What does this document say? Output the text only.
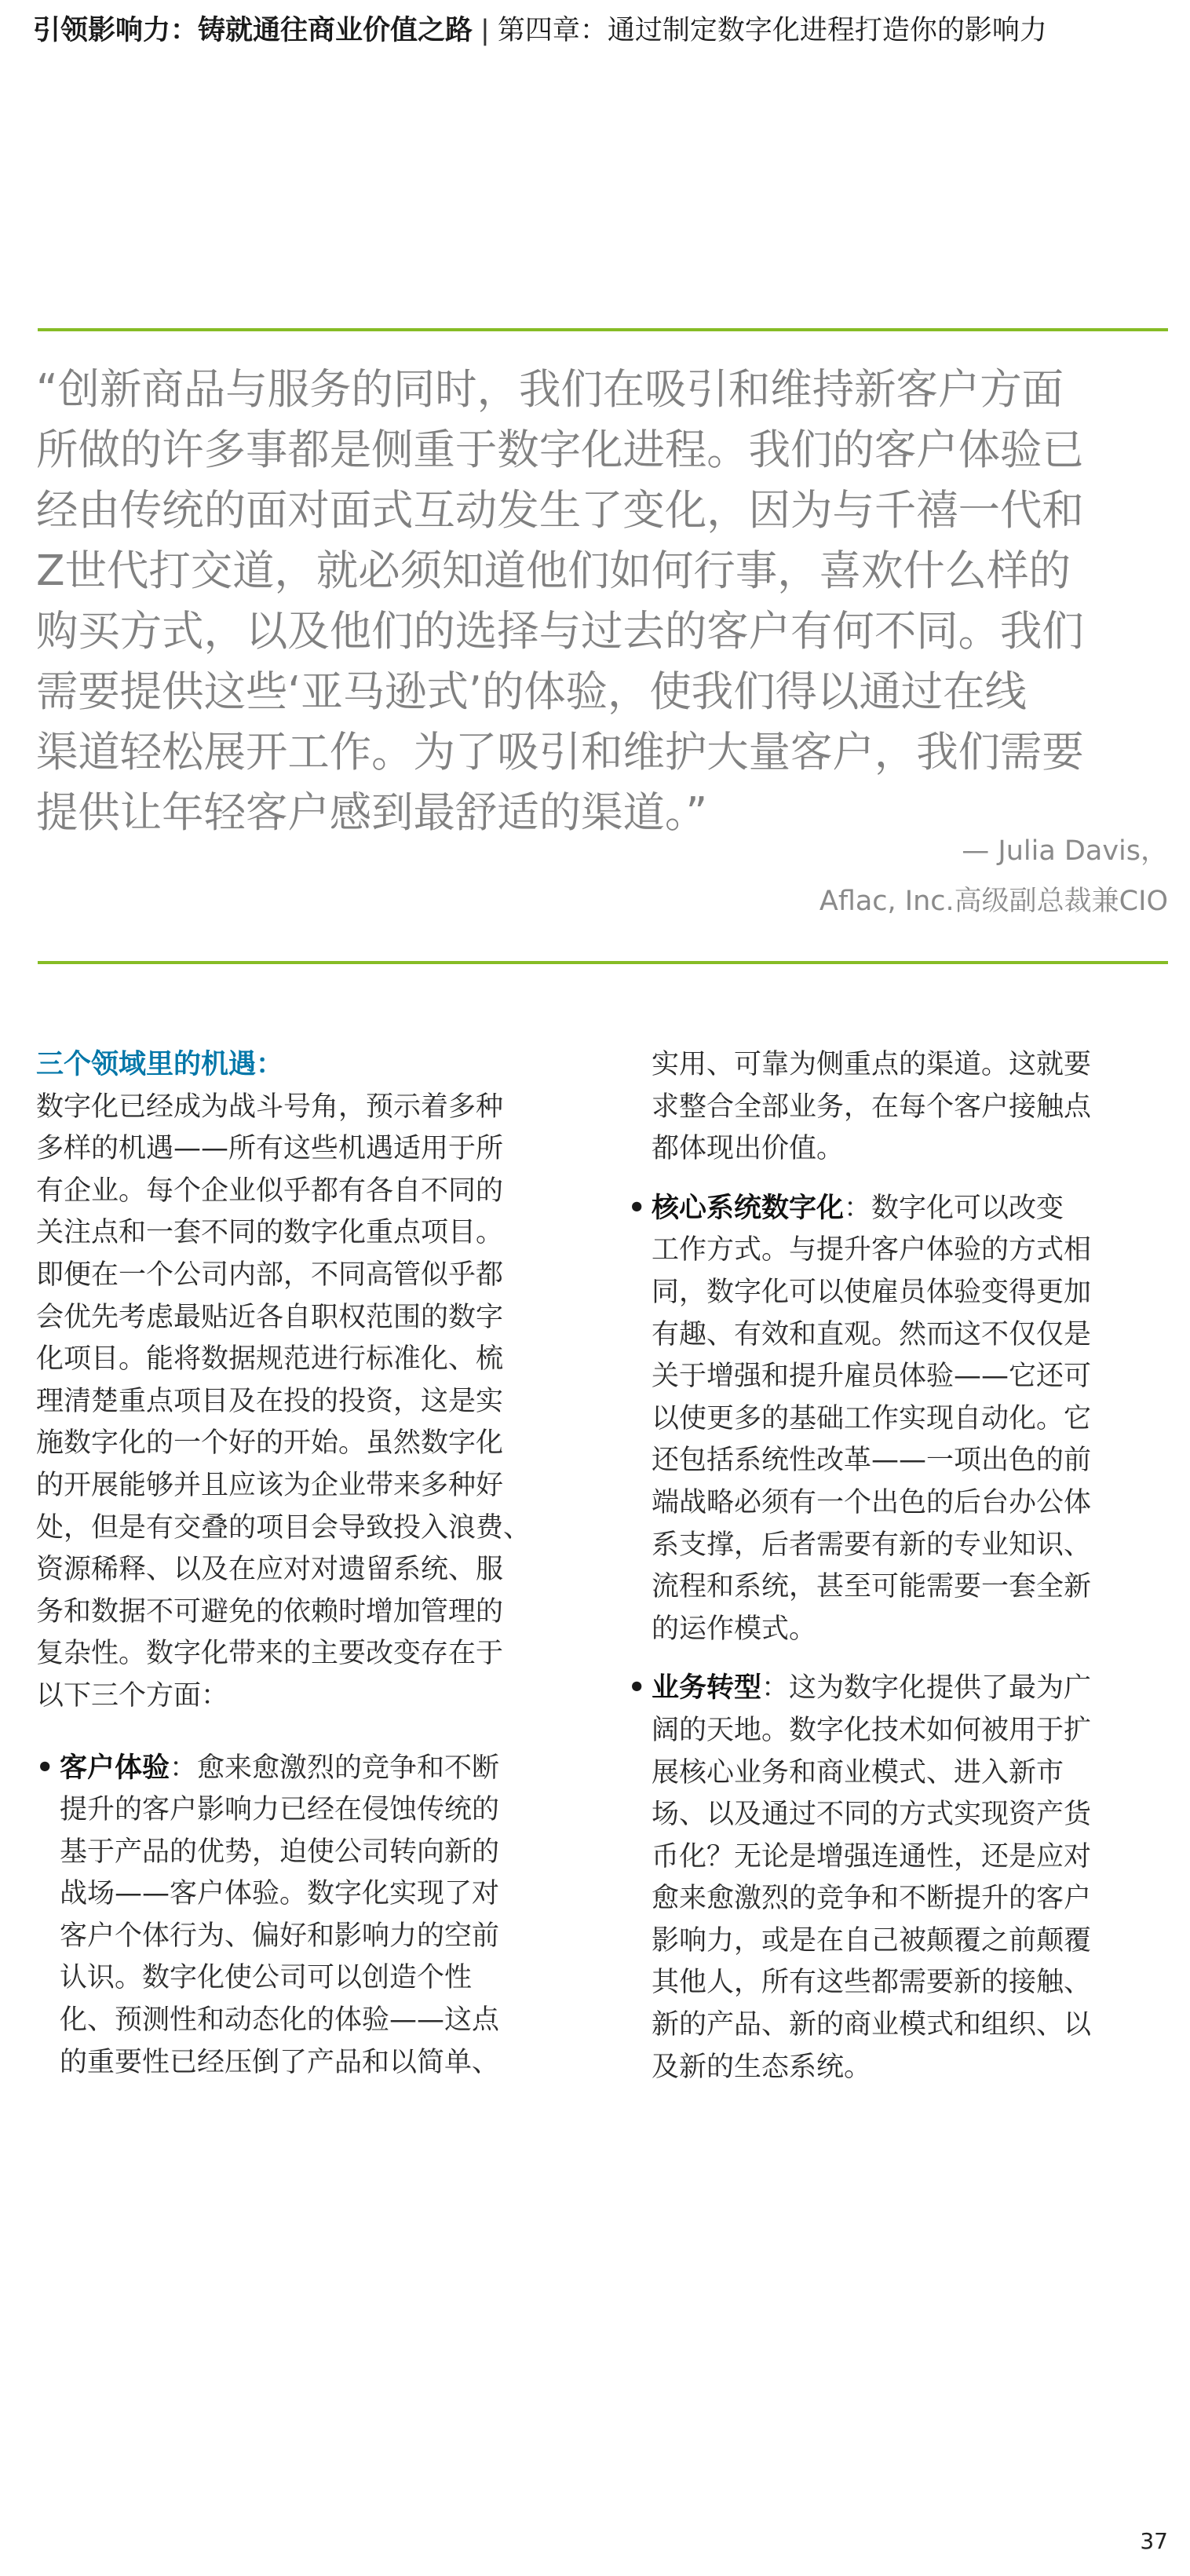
引领影响力：铸就通往商业价值之路 | 第四章：通过制定数字化进程打造你的影响力
“创新商品与服务的同时，我们在吸引和维持新客户方面
所做的许多事都是侧重于数字化进程。我们的客户体验已
经由传统的面对面式互动发生了变化，因为与千禧一代和
Z世代打交道，就必须知道他们如何行事，喜欢什么样的
购买方式，以及他们的选择与过去的客户有何不同。我们
需要提供这些‘亚马逊式’的体验，使我们得以通过在线
渠道轻松展开工作。为了吸引和维护大量客户，我们需要
提供让年轻客户感到最舒适的渠道。”
— Julia Davis，
Aflac, Inc.高级副总裁兼CIO
三个领域里的机遇：
数字化已经成为战斗号角，预示着多种
多样的机遇——所有这些机遇适用于所
有企业。每个企业似乎都有各自不同的
关注点和一套不同的数字化重点项目。
即便在一个公司内部，不同高管似乎都
会优先考虑最贴近各自职权范围的数字
化项目。能将数据规范进行标准化、梳
理清楚重点项目及在投的投资，这是实
施数字化的一个好的开始。虽然数字化
的开展能够并且应该为企业带来多种好
处，但是有交叠的项目会导致投入浪费、
资源稀释、以及在应对对遗留系统、服
务和数据不可避免的依赖时增加管理的
复杂性。数字化带来的主要改变存在于
以下三个方面：
• 客户体验：愈来愈激烈的竞争和不断
提升的客户影响力已经在侵蚀传统的
基于产品的优势，迫使公司转向新的
战场——客户体验。数字化实现了对
客户个体行为、偏好和影响力的空前
认识。数字化使公司可以创造个性
化、预测性和动态化的体验——这点
的重要性已经压倒了产品和以简单、
实用、可靠为侧重点的渠道。这就要
求整合全部业务，在每个客户接触点
都体现出价值。
• 核心系统数字化：数字化可以改变
工作方式。与提升客户体验的方式相
同，数字化可以使雇员体验变得更加
有趣、有效和直观。然而这不仅仅是
关于增强和提升雇员体验——它还可
以使更多的基础工作实现自动化。它
还包括系统性改革——一项出色的前
端战略必须有一个出色的后台办公体
系支撑，后者需要有新的专业知识、
流程和系统，甚至可能需要一套全新
的运作模式。
• 业务转型：这为数字化提供了最为广
阔的天地。数字化技术如何被用于扩
展核心业务和商业模式、进入新市
场、以及通过不同的方式实现资产货
币化？无论是增强连通性，还是应对
愈来愈激烈的竞争和不断提升的客户
影响力，或是在自己被颠覆之前颠覆
其他人，所有这些都需要新的接触、
新的产品、新的商业模式和组织、以
及新的生态系统。
37
